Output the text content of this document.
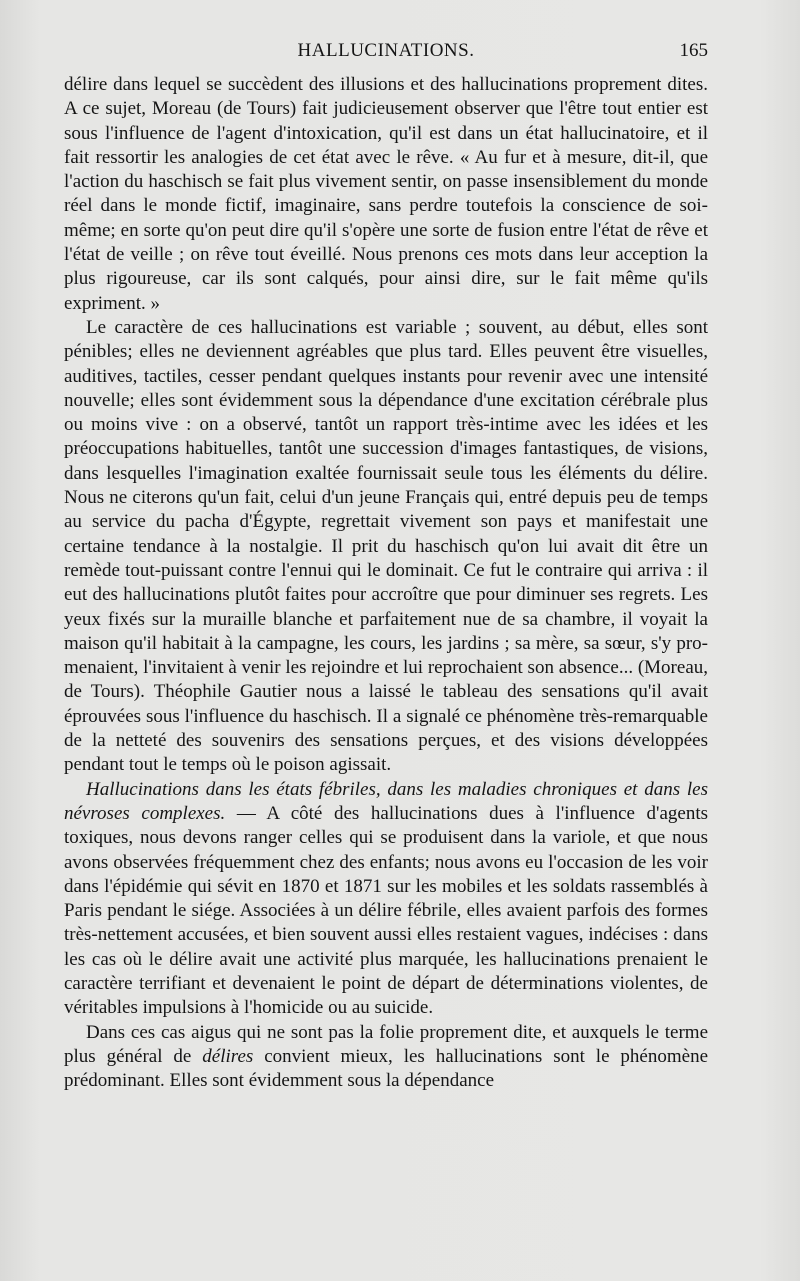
HALLUCINATIONS.	165

délire dans lequel se succèdent des illusions et des hallucinations proprement dites. A ce sujet, Moreau (de Tours) fait judicieusement observer que l'être tout entier est sous l'influence de l'agent d'intoxication, qu'il est dans un état hallucinatoire, et il fait ressortir les analogies de cet état avec le rêve. « Au fur et à mesure, dit-il, que l'action du haschisch se fait plus vivement sentir, on passe insensiblement du monde réel dans le monde fictif, imaginaire, sans perdre toutefois la conscience de soi-même; en sorte qu'on peut dire qu'il s'opère une sorte de fusion entre l'état de rêve et l'état de veille ; on rêve tout éveillé. Nous prenons ces mots dans leur acception la plus rigoureuse, car ils sont calqués, pour ainsi dire, sur le fait même qu'ils expriment. »

Le caractère de ces hallucinations est variable ; souvent, au début, elles sont pénibles; elles ne deviennent agréables que plus tard. Elles peuvent être visuelles, auditives, tactiles, cesser pendant quelques instants pour revenir avec une intensité nouvelle; elles sont évidemment sous la dépendance d'une excitation cérébrale plus ou moins vive : on a observé, tantôt un rapport très-intime avec les idées et les préoccupations habituelles, tantôt une succession d'images fantastiques, de visions, dans lesquelles l'imagination exaltée fournissait seule tous les éléments du délire. Nous ne citerons qu'un fait, celui d'un jeune Français qui, entré depuis peu de temps au service du pacha d'Égypte, regrettait vivement son pays et manifestait une certaine tendance à la nostalgie. Il prit du haschisch qu'on lui avait dit être un remède tout-puissant contre l'ennui qui le dominait. Ce fut le contraire qui arriva : il eut des hallucinations plutôt faites pour accroître que pour diminuer ses regrets. Les yeux fixés sur la muraille blanche et parfaitement nue de sa chambre, il voyait la maison qu'il habitait à la campagne, les cours, les jardins ; sa mère, sa sœur, s'y promenaient, l'invitaient à venir les rejoindre et lui reprochaient son absence... (Moreau, de Tours). Théophile Gautier nous a laissé le tableau des sensations qu'il avait éprouvées sous l'influence du haschisch. Il a signalé ce phénomène très-remarquable de la netteté des souvenirs des sensations perçues, et des visions développées pendant tout le temps où le poison agissait.

Hallucinations dans les états fébriles, dans les maladies chroniques et dans les névroses complexes. — A côté des hallucinations dues à l'influence d'agents toxiques, nous devons ranger celles qui se produisent dans la variole, et que nous avons observées fréquemment chez des enfants; nous avons eu l'occasion de les voir dans l'épidémie qui sévit en 1870 et 1871 sur les mobiles et les soldats rassemblés à Paris pendant le siége. Associées à un délire fébrile, elles avaient parfois des formes très-nettement accusées, et bien souvent aussi elles restaient vagues, indécises : dans les cas où le délire avait une activité plus marquée, les hallucinations prenaient le caractère terrifiant et devenaient le point de départ de déterminations violentes, de véritables impulsions à l'homicide ou au suicide.

Dans ces cas aigus qui ne sont pas la folie proprement dite, et auxquels le terme plus général de délires convient mieux, les hallucinations sont le phénomène prédominant. Elles sont évidemment sous la dépendance
